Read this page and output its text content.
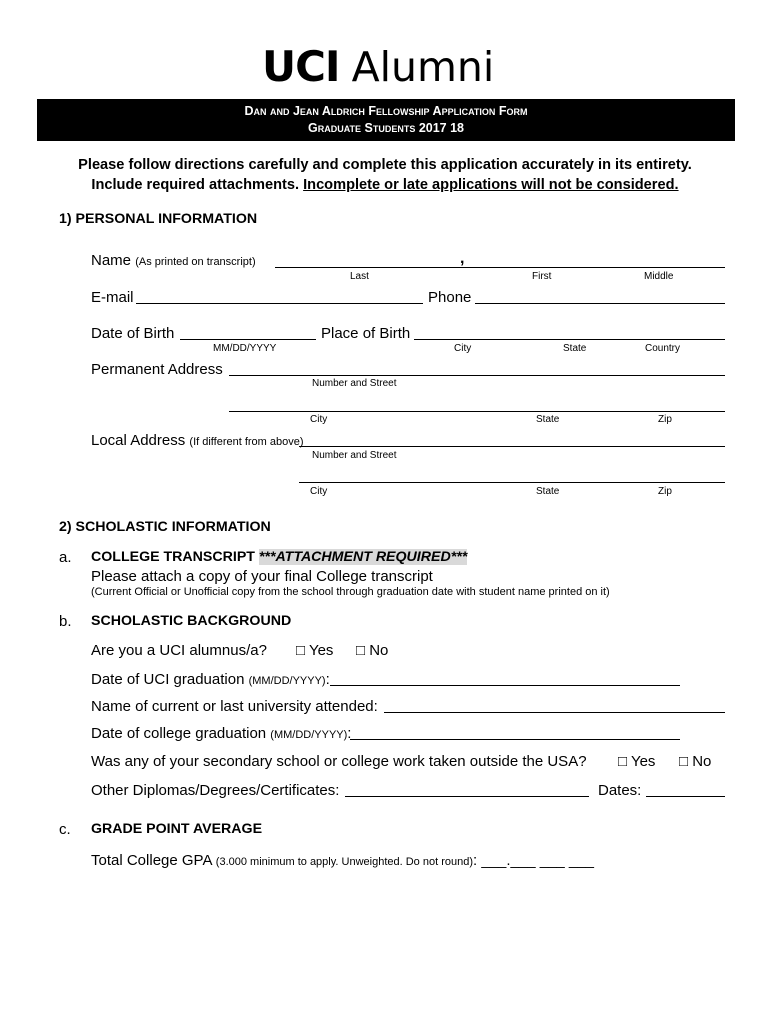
UCI Alumni
Dan and Jean Aldrich Fellowship Application Form
Graduate Students 2017 18
Please follow directions carefully and complete this application accurately in its entirety.
Include required attachments. Incomplete or late applications will not be considered.
1) PERSONAL INFORMATION
Name (As printed on transcript)	,
Last	First	Middle
E-mail	Phone
Date of Birth
MM/DD/YYYY
Place of Birth
City	State	Country
Permanent Address
Number and Street
City	State	Zip
Local Address (If different from above)
Number and Street
City	State	Zip
2) SCHOLASTIC INFORMATION
a. COLLEGE TRANSCRIPT ***ATTACHMENT REQUIRED***
Please attach a copy of your final College transcript
(Current Official or Unofficial copy from the school through graduation date with student name printed on it)
b. SCHOLASTIC BACKGROUND
Are you a UCI alumnus/a? □ Yes □ No
Date of UCI graduation (MM/DD/YYYY):
Name of current or last university attended:
Date of college graduation (MM/DD/YYYY):
Was any of your secondary school or college work taken outside the USA? □ Yes □ No
Other Diplomas/Degrees/Certificates:	Dates:
c. GRADE POINT AVERAGE
Total College GPA (3.000 minimum to apply. Unweighted. Do not round): ___.___ ___ ___
